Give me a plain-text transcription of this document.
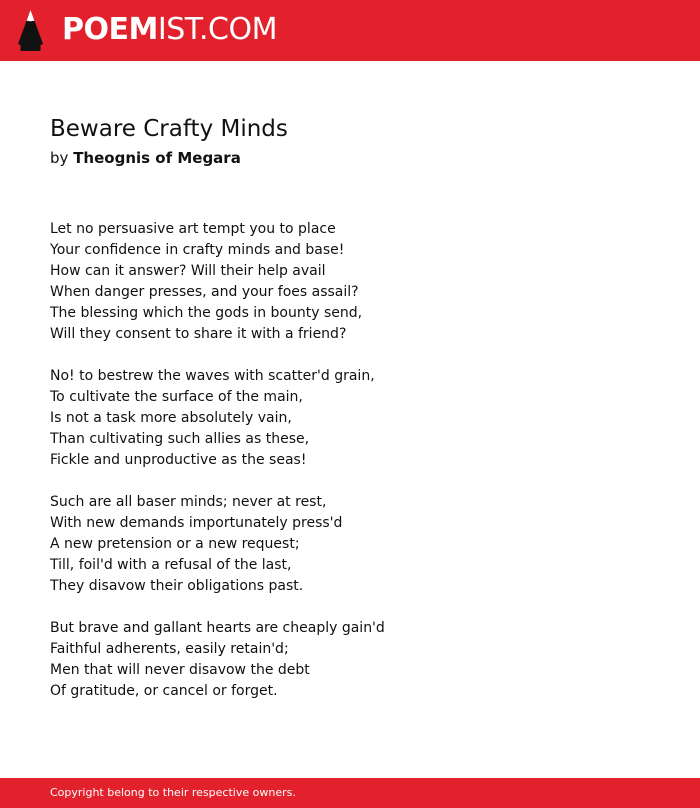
POEMIST.COM
Beware Crafty Minds
by Theognis of Megara
Let no persuasive art tempt you to place
Your confidence in crafty minds and base!
How can it answer? Will their help avail
When danger presses, and your foes assail?
The blessing which the gods in bounty send,
Will they consent to share it with a friend?
No! to bestrew the waves with scatter'd grain,
To cultivate the surface of the main,
Is not a task more absolutely vain,
Than cultivating such allies as these,
Fickle and unproductive as the seas!
Such are all baser minds; never at rest,
With new demands importunately press'd
A new pretension or a new request;
Till, foil'd with a refusal of the last,
They disavow their obligations past.
But brave and gallant hearts are cheaply gain'd
Faithful adherents, easily retain'd;
Men that will never disavow the debt
Of gratitude, or cancel or forget.
Copyright belong to their respective owners.
